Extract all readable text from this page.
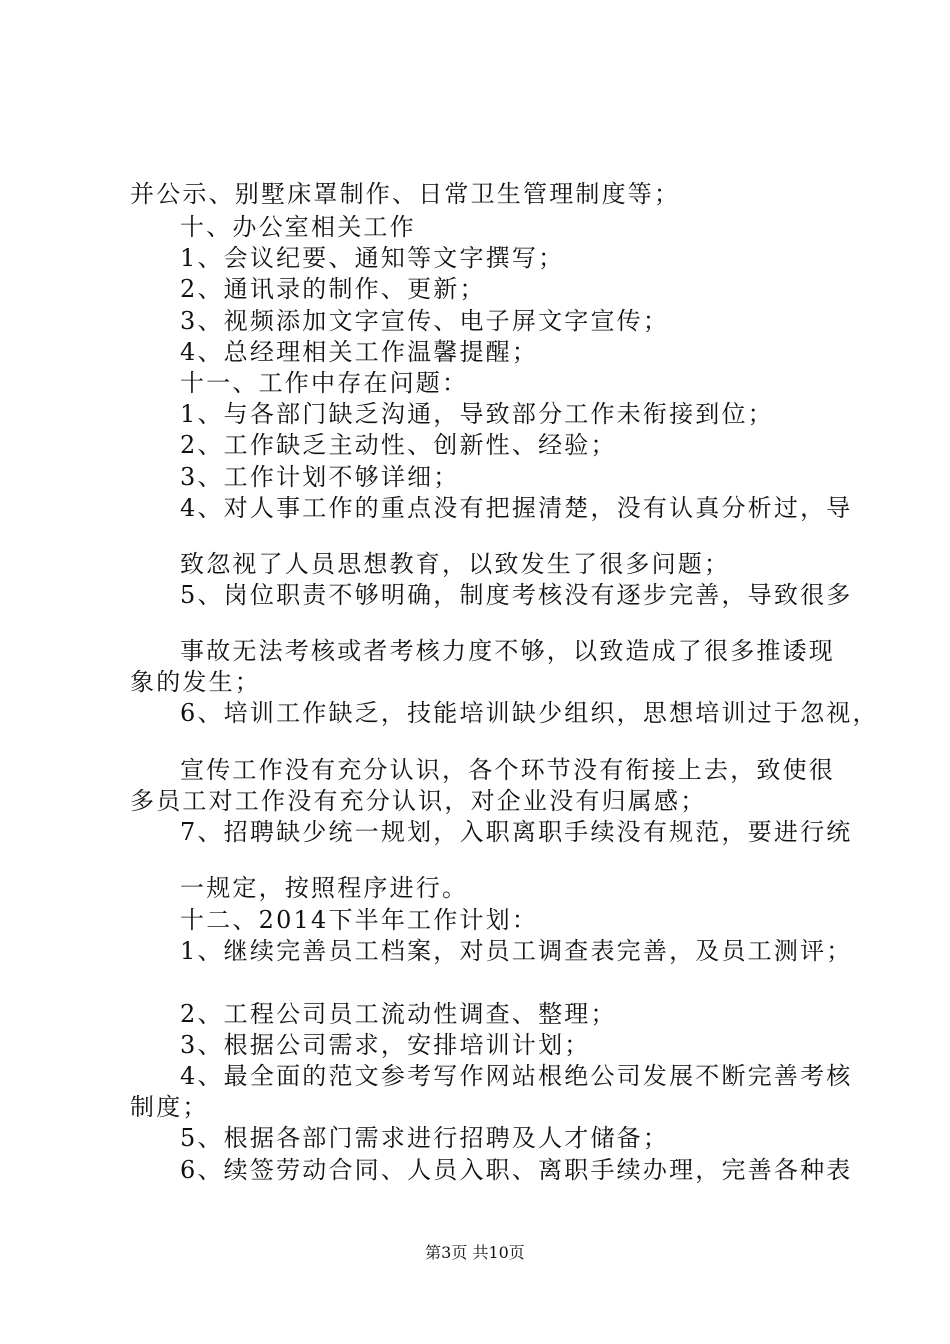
并公示、别墅床罩制作、日常卫生管理制度等；
十、办公室相关工作
1、会议纪要、通知等文字撰写；
2、通讯录的制作、更新；
3、视频添加文字宣传、电子屏文字宣传；
4、总经理相关工作温馨提醒；
十一、工作中存在问题：
1、与各部门缺乏沟通，导致部分工作未衔接到位；
2、工作缺乏主动性、创新性、经验；
3、工作计划不够详细；
4、对人事工作的重点没有把握清楚，没有认真分析过，导
致忽视了人员思想教育，以致发生了很多问题；
5、岗位职责不够明确，制度考核没有逐步完善，导致很多
事故无法考核或者考核力度不够，以致造成了很多推诿现
象的发生；
6、培训工作缺乏，技能培训缺少组织，思想培训过于忽视，
宣传工作没有充分认识，各个环节没有衔接上去，致使很
多员工对工作没有充分认识，对企业没有归属感；
7、招聘缺少统一规划，入职离职手续没有规范，要进行统
一规定，按照程序进行。
十二、2014下半年工作计划：
1、继续完善员工档案，对员工调查表完善，及员工测评；
2、工程公司员工流动性调查、整理；
3、根据公司需求，安排培训计划；
4、最全面的范文参考写作网站根绝公司发展不断完善考核
制度；
5、根据各部门需求进行招聘及人才储备；
6、续签劳动合同、人员入职、离职手续办理，完善各种表
第3页 共10页
